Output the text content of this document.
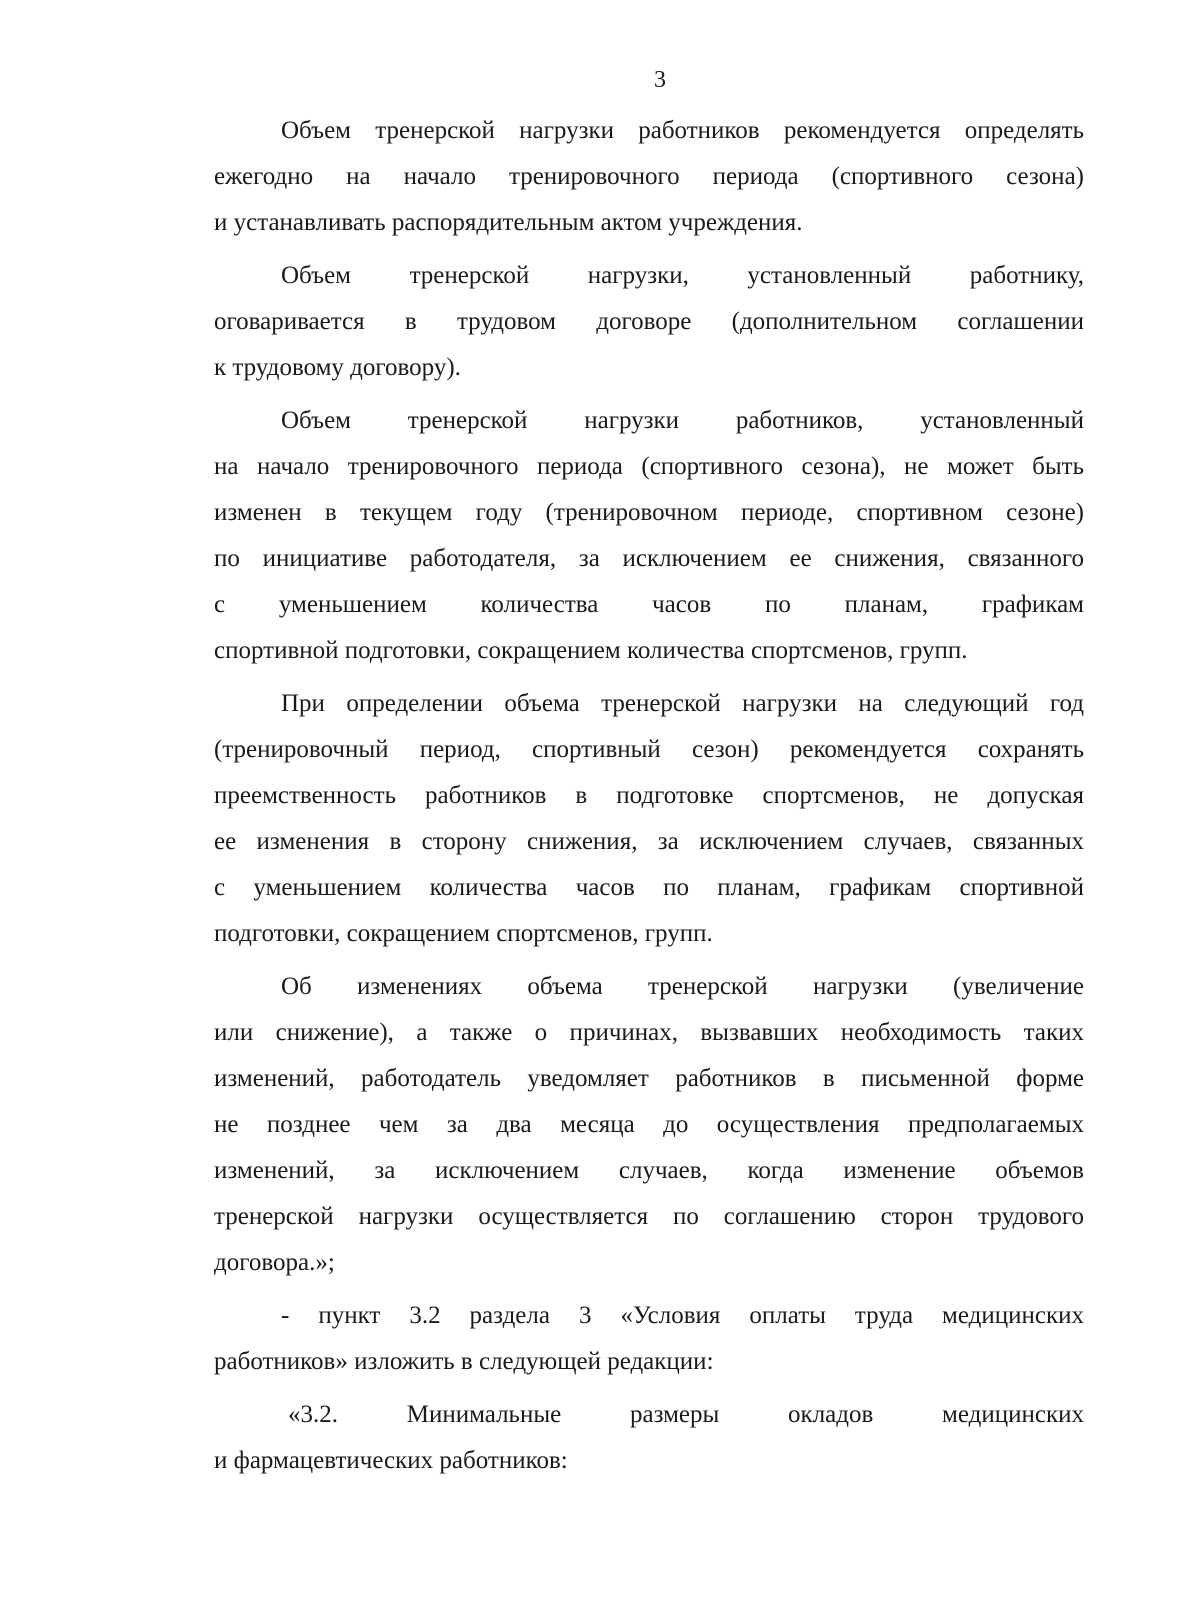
3
Объем тренерской нагрузки работников рекомендуется определять
ежегодно на начало тренировочного периода (спортивного сезона)
и устанавливать распорядительным актом учреждения.
Объем тренерской нагрузки, установленный работнику,
оговаривается в трудовом договоре (дополнительном соглашении
к трудовому договору).
Объем тренерской нагрузки работников, установленный
на начало тренировочного периода (спортивного сезона), не может быть
изменен в текущем году (тренировочном периоде, спортивном сезоне)
по инициативе работодателя, за исключением ее снижения, связанного
с уменьшением количества часов по планам, графикам
спортивной подготовки, сокращением количества спортсменов, групп.
При определении объема тренерской нагрузки на следующий год
(тренировочный период, спортивный сезон) рекомендуется сохранять
преемственность работников в подготовке спортсменов, не допуская
ее изменения в сторону снижения, за исключением случаев, связанных
с уменьшением количества часов по планам, графикам спортивной
подготовки, сокращением спортсменов, групп.
Об изменениях объема тренерской нагрузки (увеличение
или снижение), а также о причинах, вызвавших необходимость таких
изменений, работодатель уведомляет работников в письменной форме
не позднее чем за два месяца до осуществления предполагаемых
изменений, за исключением случаев, когда изменение объемов
тренерской нагрузки осуществляется по соглашению сторон трудового
договора.»;
- пункт 3.2 раздела 3 «Условия оплаты труда медицинских
работников» изложить в следующей редакции:
«3.2. Минимальные размеры окладов медицинских
и фармацевтических работников:
